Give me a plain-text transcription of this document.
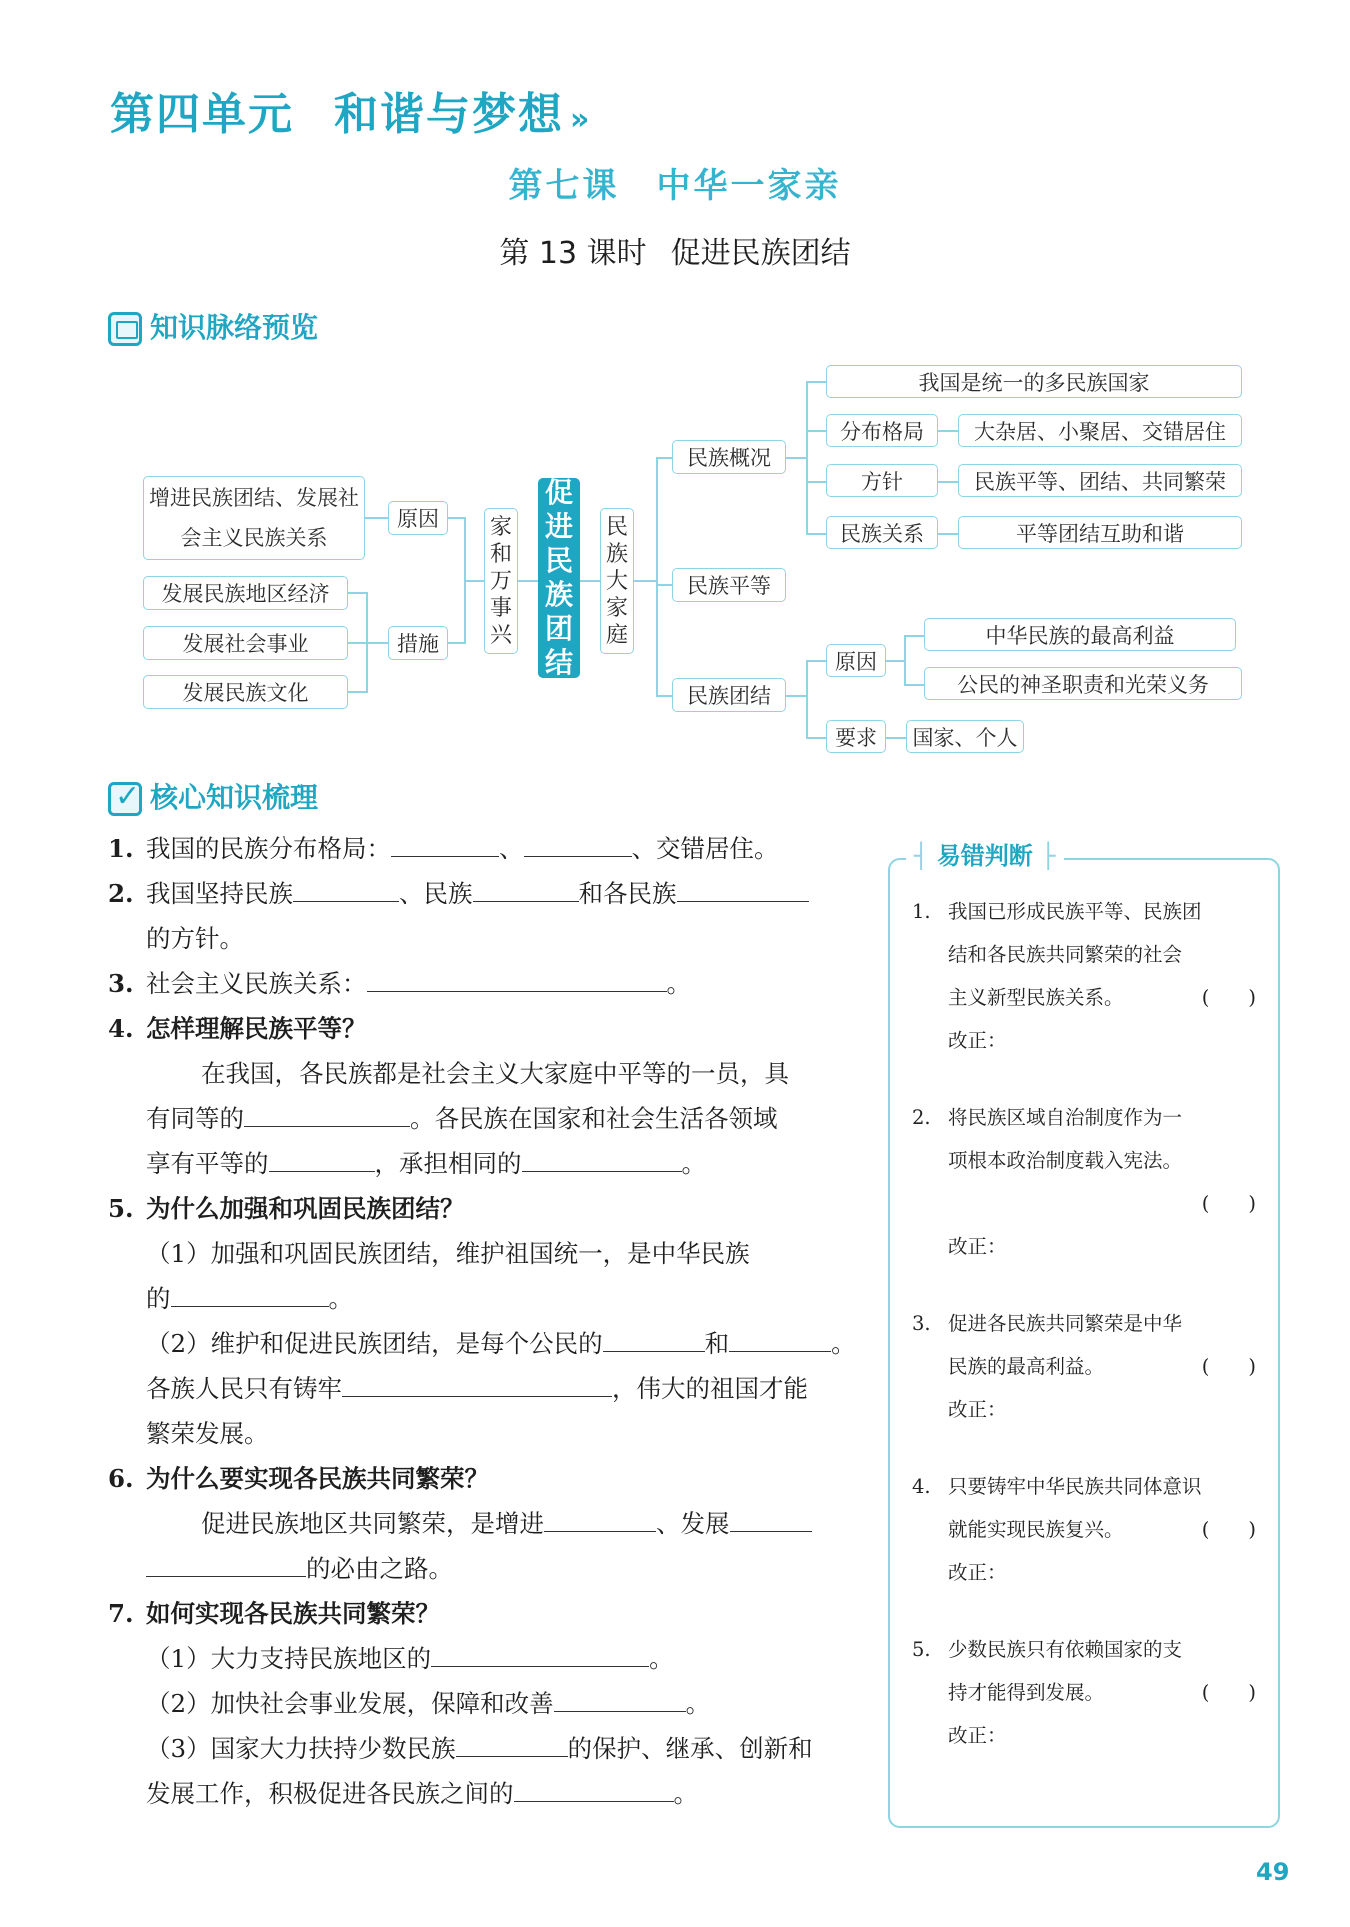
第四单元 和谐与梦想 »
第七课　中华一家亲
第 13 课时 促进民族团结
知识脉络预览
增进民族团结、发展社会主义民族关系
原因
发展民族地区经济
发展社会事业
发展民族文化
措施
家和万事兴
促进民族团结
民族大家庭
民族概况
我国是统一的多民族国家
分布格局	大杂居、小聚居、交错居住
方针	民族平等、团结、共同繁荣
民族关系	平等团结互助和谐
民族平等
民族团结
原因
中华民族的最高利益
公民的神圣职责和光荣义务
要求	国家、个人
✓核心知识梳理
1. 我国的民族分布格局：	、	、交错居住。
2. 我国坚持民族	、民族	和各民族
的方针。
3. 社会主义民族关系：	。
4. 怎样理解民族平等？
在我国，各民族都是社会主义大家庭中平等的一员，具
有同等的	。各民族在国家和社会生活各领域
享有平等的	，承担相同的	。
5. 为什么加强和巩固民族团结？
（1）加强和巩固民族团结，维护祖国统一，是中华民族
的	。
（2）维护和促进民族团结，是每个公民的	和	。
各族人民只有铸牢	，伟大的祖国才能
繁荣发展。
6. 为什么要实现各民族共同繁荣？
促进民族地区共同繁荣，是增进	、发展
的必由之路。
7. 如何实现各民族共同繁荣？
（1）大力支持民族地区的	。
（2）加快社会事业发展，保障和改善	。
（3）国家大力扶持少数民族	的保护、继承、创新和
发展工作，积极促进各民族之间的	。
┤ 易错判断 ├
1. 我国已形成民族平等、民族团
结和各民族共同繁荣的社会
主义新型民族关系。	(　　)
改正：
2. 将民族区域自治制度作为一
项根本政治制度载入宪法。
(　　)
改正：
3. 促进各民族共同繁荣是中华
民族的最高利益。	(　　)
改正：
4. 只要铸牢中华民族共同体意识
就能实现民族复兴。	(　　)
改正：
5. 少数民族只有依赖国家的支
持才能得到发展。	(　　)
改正：
49
